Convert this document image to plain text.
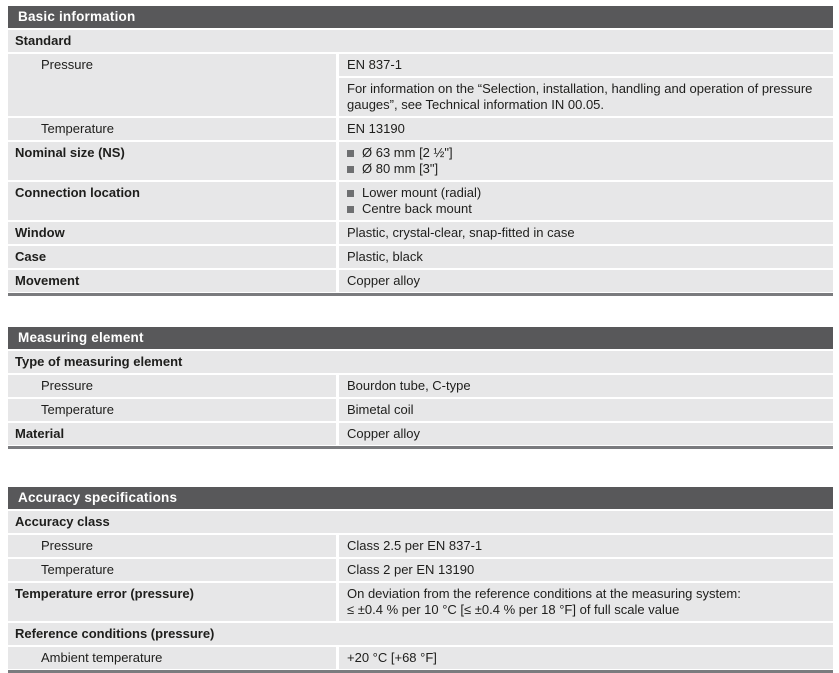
Basic information
Standard
Pressure	EN 837-1
For information on the “Selection, installation, handling and operation of pressure
gauges”, see Technical information IN 00.05.
Temperature	EN 13190
Nominal size (NS)	Ø 63 mm [2 ½"]
Ø 80 mm [3"]
Connection location	Lower mount (radial)
Centre back mount
Window	Plastic, crystal-clear, snap-fitted in case
Case	Plastic, black
Movement	Copper alloy
Measuring element
Type of measuring element
Pressure	Bourdon tube, C-type
Temperature	Bimetal coil
Material	Copper alloy
Accuracy specifications
Accuracy class
Pressure	Class 2.5 per EN 837-1
Temperature	Class 2 per EN 13190
Temperature error (pressure)	On deviation from the reference conditions at the measuring system:
≤ ±0.4 % per 10 °C [≤ ±0.4 % per 18 °F] of full scale value
Reference conditions (pressure)
Ambient temperature	+20 °C [+68 °F]
